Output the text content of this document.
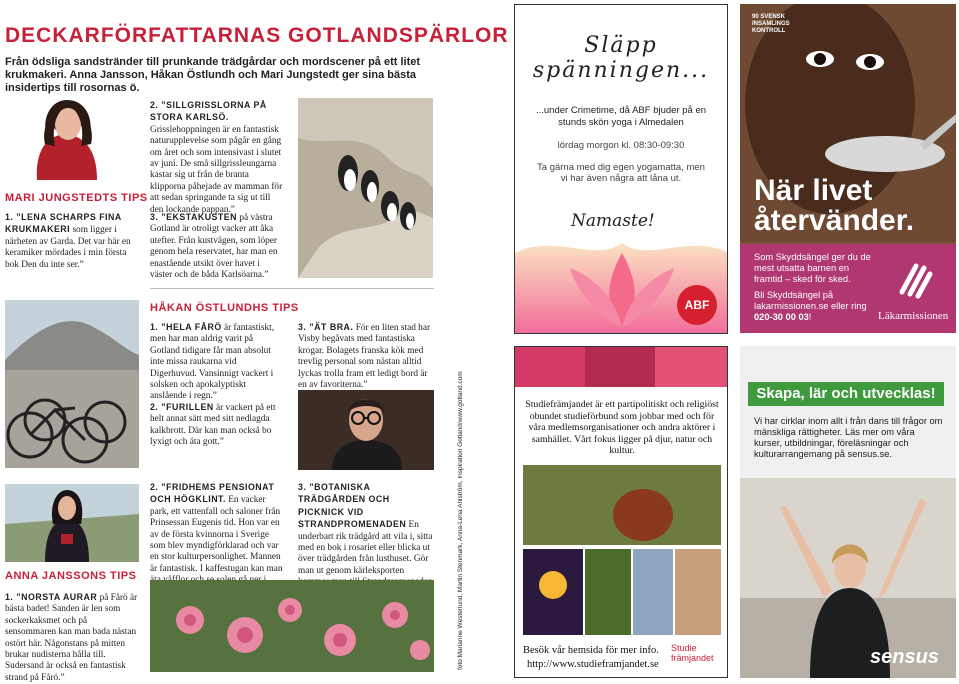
DECKARFÖRFATTARNAS GOTLANDSPÄRLOR
Från ödsliga sandstränder till prunkande trädgårdar och mordscener på ett litet krukmakeri. Anna Jansson, Håkan Östlundh och Mari Jungstedt ger sina bästa insidertips till rosornas ö.
MARI JUNGSTEDTS TIPS
1. ”LENA SCHARPS FINA KRUKMAKERI som ligger i närheten av Garda. Det var här en keramiker mördades i min första bok Den du inte ser.”
2. ”SILLGRISSLORNA PÅ STORA KARLSÖ. Grisslehoppningen är en fantastisk naturupplevelse som pågår en gång om året och som intensivast i slutet av juni. De små sillgrissleungarna kastar sig ut från de branta klipporna påhejade av mamman för att sedan springande ta sig ut till den lockande pappan.”
3. ”EKSTAKUSTEN på västra Gotland är otroligt vacker att åka utefter. Från kustvägen, som löper genom hela reservatet, har man en enastående utsikt över havet i väster och de båda Karlsöarna.”
ANNA JANSSONS TIPS
1. ”NORSTA AURAR på Fårö är bästa badet! Sanden är len som sockerkaksmet och på sensommaren kan man bada nästan ostört här. Någonstans på mitten brukar nudisterna hålla till. Sudersand är också en fantastisk strand på Fårö.”
HÅKAN ÖSTLUNDHS TIPS
1. ”HELA FÅRÖ är fantastiskt, men har man aldrig varit på Gotland tidigare får man absolut inte missa raukarna vid Digerhuvud. Vansinnigt vackert i solsken och apokalyptiskt anslående i regn.”
2. ”FURILLEN är vackert på ett helt annat sätt med sitt nedlagda kalkbrott. Där kan man också bo lyxigt och äta gott.”
3. ”ÄT BRA. För en liten stad har Visby begåvats med fantastiska krogar. Bolagets franska kök med trevlig personal som nästan alltid lyckas trolla fram ett ledigt bord är en av favoriterna.”
2. ”FRIDHEMS PENSIONAT OCH HÖGKLINT. En vacker park, ett vattenfall och saloner från Prinsessan Eugenis tid. Hon var en av de första kvinnorna i Sverige som blev myndigförklarad och var en stor kulturpersonlighet. Mannen är fantastisk. I kaffestugan kan man
3. ”BOTANISKA TRÄDGÅRDEN OCH PICKNICK VID STRANDPROMENADEN En underbart rik trädgård att vila i, sitta med en bok i rosariet eller blicka ut över trädgården från lusthuset. Gör man ut genom kärleksporten	foto Marianne Westerlund, Martin Stenmark, Anna-Lena Ahlström, Inspiration Gotland/www.gotland.com
Släpp spänningen...
...under Crimetime, då ABF bjuder på en stunds skön yoga i Almedalen
lördag morgon kl. 08:30-09:30
Ta gärna med dig egen yogamatta, men vi har även några att låna ut.
Namaste!
ABF
90 SVENSK INSAMLINGS KONTROLL
När livet
återvänder.
Som Skyddsängel ger du de mest utsatta barnen en framtid – sked för sked.
Bli Skyddsängel på lakarmissionen.se eller ring 020-30 00 03!	Läkarmissionen
Studiefrämjandet är ett partipolitiskt och religiöst obundet studieförbund som jobbar med och för våra medlemsorganisationer och andra aktörer i samhället. Vårt fokus ligger på djur, natur och kultur.
Besök vår hemsida för mer info.
http://www.studieframjandet.se
Studie
främjandet
Skapa, lär och utvecklas!
Vi har cirklar inom allt i från dans till frågor om mänskliga rättigheter. Läs mer om våra kurser, utbildningar, föreläsningar och kulturarrangemang på sensus.se.
sensus
